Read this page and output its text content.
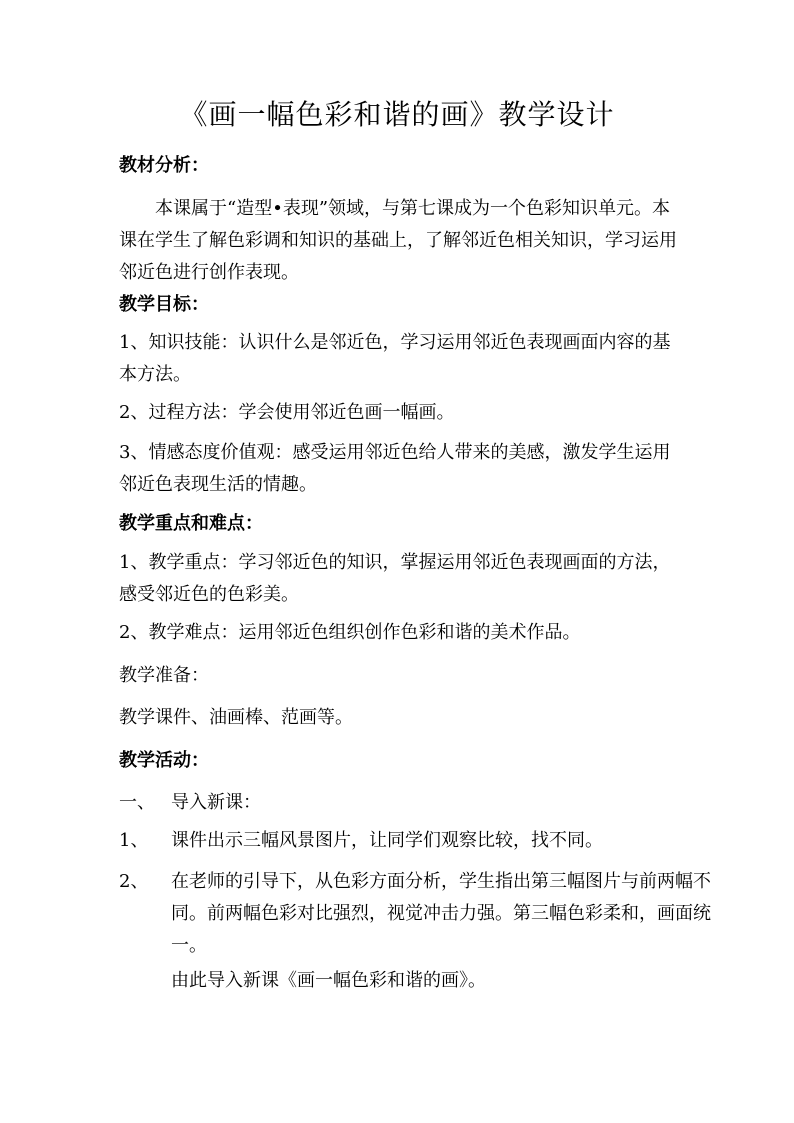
《画一幅色彩和谐的画》教学设计

教材分析：

本课属于“造型•表现”领域，与第七课成为一个色彩知识单元。本课在学生了解色彩调和知识的基础上，了解邻近色相关知识，学习运用邻近色进行创作表现。

教学目标：

1、知识技能：认识什么是邻近色，学习运用邻近色表现画面内容的基本方法。

2、过程方法：学会使用邻近色画一幅画。

3、情感态度价值观：感受运用邻近色给人带来的美感，激发学生运用邻近色表现生活的情趣。

教学重点和难点：

1、教学重点：学习邻近色的知识，掌握运用邻近色表现画面的方法，感受邻近色的色彩美。

2、教学难点：运用邻近色组织创作色彩和谐的美术作品。

教学准备：

教学课件、油画棒、范画等。

教学活动：

一、 导入新课：

1、 课件出示三幅风景图片，让同学们观察比较，找不同。

2、 在老师的引导下，从色彩方面分析，学生指出第三幅图片与前两幅不同。前两幅色彩对比强烈，视觉冲击力强。第三幅色彩柔和，画面统一。

由此导入新课《画一幅色彩和谐的画》。
